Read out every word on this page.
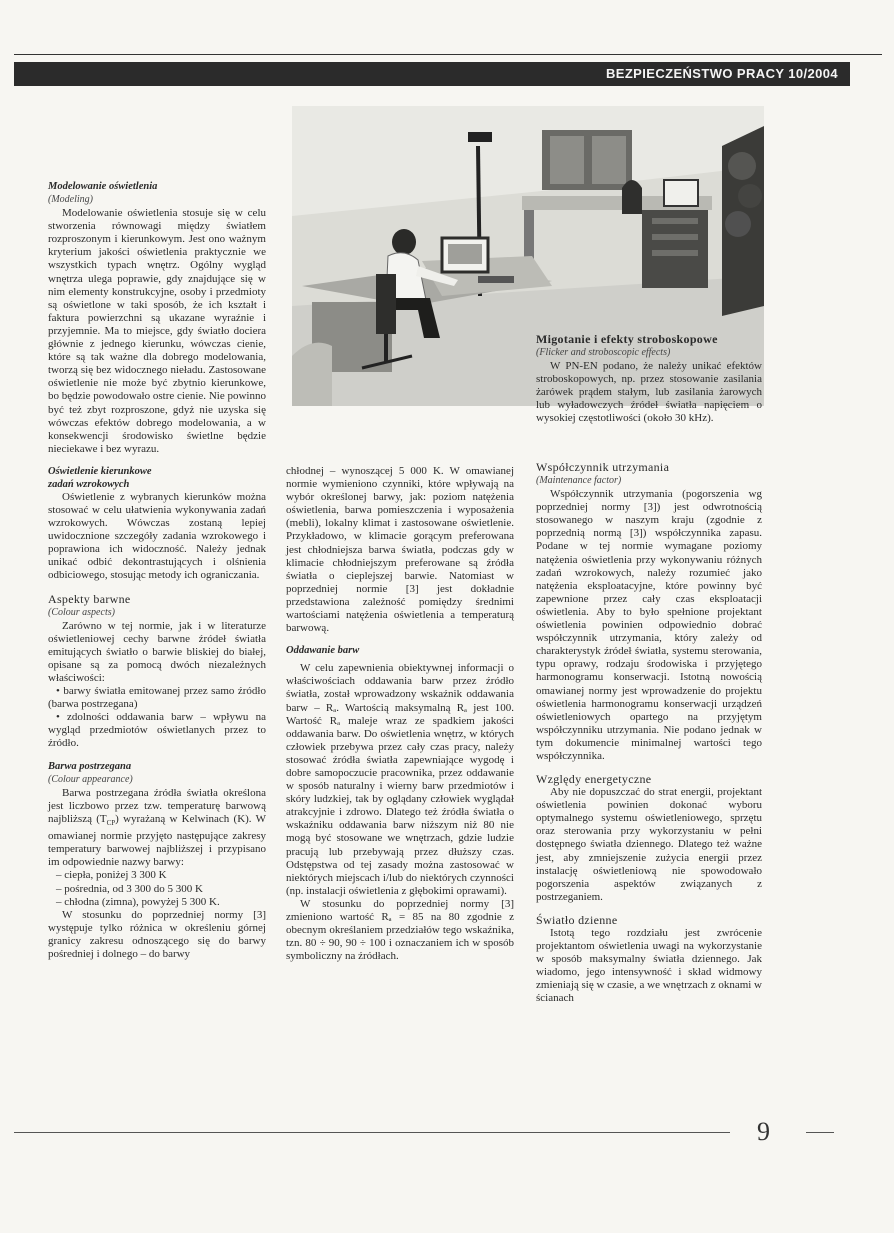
BEZPIECZEŃSTWO PRACY 10/2004
Modelowanie oświetlenia
(Modeling)

Modelowanie oświetlenia stosuje się w celu stworzenia równowagi między światłem rozproszonym i kierunkowym. Jest ono ważnym kryterium jakości oświetlenia praktycznie we wszystkich typach wnętrz. Ogólny wygląd wnętrza ulega poprawie, gdy znajdujące się w nim elementy konstrukcyjne, osoby i przedmioty są oświetlone w taki sposób, że ich kształt i faktura powierzchni są ukazane wyraźnie i przyjemnie. Ma to miejsce, gdy światło dociera głównie z jednego kierunku, wówczas cienie, które są tak ważne dla dobrego modelowania, tworzą się bez widocznego nieładu. Zastosowane oświetlenie nie może być zbytnio kierunkowe, bo będzie powodowało ostre cienie. Nie powinno być też zbyt rozproszone, gdyż nie uzyska się wówczas efektów dobrego modelowania, a w konsekwencji środowisko świetlne będzie nieciekawe i bez wyrazu.

Oświetlenie kierunkowe
zadań wzrokowych

Oświetlenie z wybranych kierunków można stosować w celu ułatwienia wykonywania zadań wzrokowych. Wówczas zostaną lepiej uwidocznione szczegóły zadania wzrokowego i poprawiona ich widoczność. Należy jednak unikać odbić dekontrastujących i olśnienia odbiciowego, stosując metody ich ograniczania.

Aspekty barwne
(Colour aspects)

Zarówno w tej normie, jak i w literaturze oświetleniowej cechy barwne źródeł światła emitujących światło o barwie bliskiej do białej, opisane są za pomocą dwóch niezależnych właściwości:

• barwy światła emitowanej przez samo źródło (barwa postrzegana)

• zdolności oddawania barw – wpływu na wygląd przedmiotów oświetlanych przez to źródło.

Barwa postrzegana
(Colour appearance)

Barwa postrzegana źródła światła określona jest liczbowo przez tzw. temperaturę barwową najbliższą $(T_{CP})$ wyrażaną w Kelwinach (K). W omawianej normie przyjęto następujące zakresy temperatury barwowej najbliższej i przypisano im odpowiednie nazwy barwy:

– ciepła, poniżej 3 300 K

– pośrednia, od 3 300 do 5 300 K

– chłodna (zimna), powyżej 5 300 K.

W stosunku do poprzedniej normy [3] występuje tylko różnica w określeniu górnej granicy zakresu odnoszącego się do barwy pośredniej i dolnego – do barwy

chłodnej – wynoszącej 5 000 K. W omawianej normie wymieniono czynniki, które wpływają na wybór określonej barwy, jak: poziom natężenia oświetlenia, barwa pomieszczenia i wyposażenia (mebli), lokalny klimat i zastosowane oświetlenie. Przykładowo, w klimacie gorącym preferowana jest chłodniejsza barwa światła, podczas gdy w klimacie chłodniejszym preferowane są źródła światła o cieplejszej barwie. Natomiast w poprzedniej normie [3] jest dokładnie przedstawiona zależność pomiędzy średnimi wartościami natężenia oświetlenia a temperaturą barwową.

Oddawanie barw

W celu zapewnienia obiektywnej informacji o właściwościach oddawania barw przez źródło światła, został wprowadzony wskaźnik oddawania barw – Rₐ. Wartością maksymalną Rₐ jest 100. Wartość Rₐ maleje wraz ze spadkiem jakości oddawania barw. Do oświetlenia wnętrz, w których człowiek przebywa przez cały czas pracy, należy stosować źródła światła zapewniające wygodę i dobre samopoczucie pracownika, przez oddawanie w sposób naturalny i wierny barw przedmiotów i skóry ludzkiej, tak by oglądany człowiek wyglądał atrakcyjnie i zdrowo. Dlatego też źródła światła o wskaźniku oddawania barw niższym niż 80 nie mogą być stosowane we wnętrzach, gdzie ludzie pracują lub przebywają przez dłuższy czas. Odstępstwa od tej zasady można zastosować w niektórych miejscach i/lub do niektórych czynności (np. instalacji oświetlenia z głębokimi oprawami).

W stosunku do poprzedniej normy [3] zmieniono wartość Rₐ = 85 na 80 zgodnie z obecnym określaniem przedziałów tego wskaźnika, tzn. 80 ÷ 90, 90 ÷ 100 i oznaczaniem ich w sposób symboliczny na źródłach.

Migotanie i efekty stroboskopowe
(Flicker and stroboscopic effects)

W PN-EN podano, że należy unikać efektów stroboskopowych, np. przez stosowanie zasilania żarówek prądem stałym, lub zasilania żarowych lub wyładowczych źródeł światła napięciem o wysokiej częstotliwości (około 30 kHz).

Współczynnik utrzymania
(Maintenance factor)

Współczynnik utrzymania (pogorszenia wg poprzedniej normy [3]) jest odwrotnością stosowanego w naszym kraju (zgodnie z poprzednią normą [3]) współczynnika zapasu. Podane w tej normie wymagane poziomy natężenia oświetlenia przy wykonywaniu różnych zadań wzrokowych, należy rozumieć jako natężenia eksploatacyjne, które powinny być zapewnione przez cały czas eksploatacji oświetlenia. Aby to było spełnione projektant oświetlenia powinien odpowiednio dobrać współczynnik utrzymania, który zależy od charakterystyk źródeł światła, systemu sterowania, typu oprawy, rodzaju środowiska i przyjętego harmonogramu konserwacji. Istotną nowością omawianej normy jest wprowadzenie do projektu oświetlenia harmonogramu konserwacji urządzeń oświetleniowych opartego na przyjętym współczynniku utrzymania. Nie podano jednak w tym dokumencie minimalnej wartości tego współczynnika.

Względy energetyczne

Aby nie dopuszczać do strat energii, projektant oświetlenia powinien dokonać wyboru optymalnego systemu oświetleniowego, sprzętu oraz sterowania przy wykorzystaniu w pełni dostępnego światła dziennego. Dlatego też ważne jest, aby zmniejszenie zużycia energii przez instalację oświetleniową nie spowodowało pogorszenia aspektów związanych z postrzeganiem.

Światło dzienne

Istotą tego rozdziału jest zwrócenie projektantom oświetlenia uwagi na wykorzystanie w sposób maksymalny światła dziennego. Jak wiadomo, jego intensywność i skład widmowy zmieniają się w czasie, a we wnętrzach z oknami w ścianach

9
